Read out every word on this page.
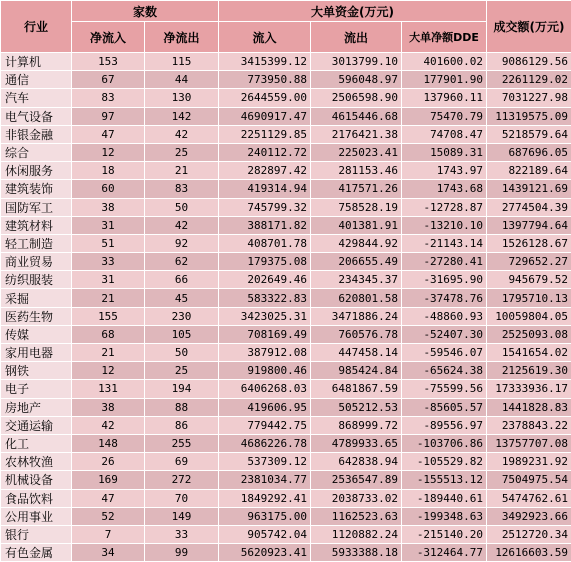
行业	家数		大单资金(万元)			成交额(万元)
	净流入	净流出	流入	流出	大单净额DDE	
计算机	153	115	3415399.12	3013799.10	401600.02	9086129.56
通信	67	44	773950.88	596048.97	177901.90	2261129.02
汽车	83	130	2644559.00	2506598.90	137960.11	7031227.98
电气设备	97	142	4690917.47	4615446.68	75470.79	11319575.09
非银金融	47	42	2251129.85	2176421.38	74708.47	5218579.64
综合	12	25	240112.72	225023.41	15089.31	687696.05
休闲服务	18	21	282897.42	281153.46	1743.97	822189.64
建筑装饰	60	83	419314.94	417571.26	1743.68	1439121.69
国防军工	38	50	745799.32	758528.19	-12728.87	2774504.39
建筑材料	31	42	388171.82	401381.91	-13210.10	1397794.64
轻工制造	51	92	408701.78	429844.92	-21143.14	1526128.67
商业贸易	33	62	179375.08	206655.49	-27280.41	729652.27
纺织服装	31	66	202649.46	234345.37	-31695.90	945679.52
采掘	21	45	583322.83	620801.58	-37478.76	1795710.13
医药生物	155	230	3423025.31	3471886.24	-48860.93	10059804.05
传媒	68	105	708169.49	760576.78	-52407.30	2525093.08
家用电器	21	50	387912.08	447458.14	-59546.07	1541654.02
钢铁	12	25	919800.46	985424.84	-65624.38	2125619.30
电子	131	194	6406268.03	6481867.59	-75599.56	17333936.17
房地产	38	88	419606.95	505212.53	-85605.57	1441828.83
交通运输	42	86	779442.75	868999.72	-89556.97	2378843.22
化工	148	255	4686226.78	4789933.65	-103706.86	13757707.08
农林牧渔	26	69	537309.12	642838.94	-105529.82	1989231.92
机械设备	169	272	2381034.77	2536547.89	-155513.12	7504975.54
食品饮料	47	70	1849292.41	2038733.02	-189440.61	5474762.61
公用事业	52	149	963175.00	1162523.63	-199348.63	3492923.66
银行	7	33	905742.04	1120882.24	-215140.20	2512720.34
有色金属	34	99	5620923.41	5933388.18	-312464.77	12616603.59
